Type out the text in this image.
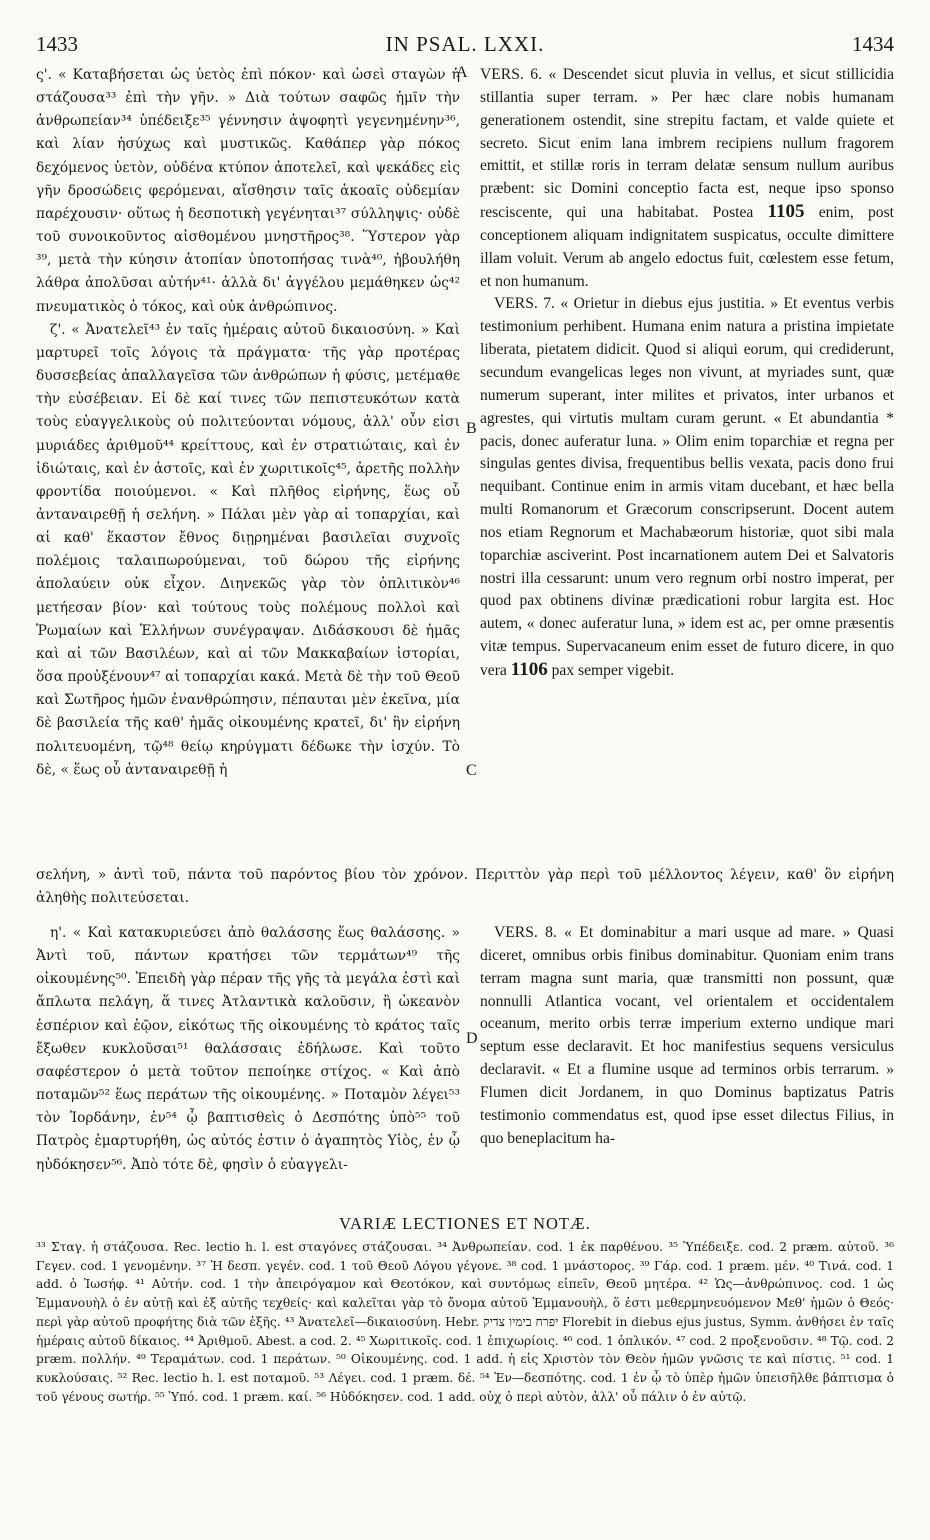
1433	IN PSAL. LXXI.	1434
A
B
C
D

ς'. « Καταβήσεται ὡς ὑετὸς ἐπὶ πόκον· καὶ ὡσεὶ σταγὼν ἡ στάζουσα³³ ἐπὶ τὴν γῆν. » Διὰ τούτων σαφῶς ἡμῖν τὴν ἀνθρωπείαν³⁴ ὑπέδειξε³⁵ γέννησιν ἀψοφητὶ γεγενημένην³⁶, καὶ λίαν ἡσύχως καὶ μυστικῶς. Καθάπερ γὰρ πόκος δεχόμενος ὑετὸν, οὐδένα κτύπον ἀποτελεῖ, καὶ ψεκάδες εἰς γῆν δροσώδεις φερόμεναι, αἴσθησιν ταῖς ἀκοαῖς οὐδεμίαν παρέχουσιν· οὕτως ἡ δεσποτικὴ γεγένηται³⁷ σύλληψις· οὐδὲ τοῦ συνοικοῦντος αἰσθομένου μνηστῆρος³⁸. Ὕστερον γὰρ ³⁹, μετὰ τὴν κύησιν ἀτοπίαν ὑποτοπήσας τινὰ⁴⁰, ἠβουλήθη λάθρα ἀπολῦσαι αὐτήν⁴¹· ἀλλὰ δι' ἀγγέλου μεμάθηκεν ὡς⁴² πνευματικὸς ὁ τόκος, καὶ οὐκ ἀνθρώπινος.

ζ'. « Ἀνατελεῖ⁴³ ἐν ταῖς ἡμέραις αὐτοῦ δικαιοσύνη. » Καὶ μαρτυρεῖ τοῖς λόγοις τὰ πράγματα· τῆς γὰρ προτέρας δυσσεβείας ἀπαλλαγεῖσα τῶν ἀνθρώπων ἡ φύσις, μετέμαθε τὴν εὐσέβειαν. Εἰ δὲ καί τινες τῶν πεπιστευκότων κατὰ τοὺς εὐαγγελικοὺς οὐ πολιτεύονται νόμους, ἀλλ' οὖν εἰσι μυριάδες ἀριθμοῦ⁴⁴ κρείττους, καὶ ἐν στρατιώταις, καὶ ἐν ἰδιώταις, καὶ ἐν ἀστοῖς, καὶ ἐν χωριτικοῖς⁴⁵, ἀρετῆς πολλὴν φροντίδα ποιούμενοι. « Καὶ πλῆθος εἰρήνης, ἕως οὗ ἀνταναιρεθῇ ἡ σελήνη. » Πάλαι μὲν γὰρ αἱ τοπαρχίαι, καὶ αἱ καθ' ἕκαστον ἔθνος διῃρημέναι βασιλεῖαι συχνοῖς πολέμοις ταλαιπωρούμεναι, τοῦ δώρου τῆς εἰρήνης ἀπολαύειν οὐκ εἶχον. Διηνεκῶς γὰρ τὸν ὁπλιτικὸν⁴⁶ μετήεσαν βίον· καὶ τούτους τοὺς πολέμους πολλοὶ καὶ Ῥωμαίων καὶ Ἑλλήνων συνέγραψαν. Διδάσκουσι δὲ ἡμᾶς καὶ αἱ τῶν Βασιλέων, καὶ αἱ τῶν Μακκαβαίων ἱστορίαι, ὅσα προὐξένουν⁴⁷ αἱ τοπαρχίαι κακά. Μετὰ δὲ τὴν τοῦ Θεοῦ καὶ Σωτῆρος ἡμῶν ἐνανθρώπησιν, πέπαυται μὲν ἐκεῖνα, μία δὲ βασιλεία τῆς καθ' ἡμᾶς οἰκουμένης κρατεῖ, δι' ἣν εἰρήνη πολιτευομένη, τῷ⁴⁸ θείῳ κηρύγματι δέδωκε τὴν ἰσχύν. Τὸ δὲ, « ἕως οὗ ἀνταναιρεθῇ ἡ

VERS. 6. « Descendet sicut pluvia in vellus, et sicut stillicidia stillantia super terram. » Per hæc clare nobis humanam generationem ostendit, sine strepitu factam, et valde quiete et secreto. Sicut enim lana imbrem recipiens nullum fragorem emittit, et stillæ roris in terram delatæ sensum nullum auribus præbent: sic Domini conceptio facta est, neque ipso sponso resciscente, qui una habitabat. Postea 1105 enim, post conceptionem aliquam indignitatem suspicatus, occulte dimittere illam voluit. Verum ab angelo edoctus fuit, cœlestem esse fetum, et non humanum.

VERS. 7. « Orietur in diebus ejus justitia. » Et eventus verbis testimonium perhibent. Humana enim natura a pristina impietate liberata, pietatem didicit. Quod si aliqui eorum, qui crediderunt, secundum evangelicas leges non vivunt, at myriades sunt, quæ numerum superant, inter milites et privatos, inter urbanos et agrestes, qui virtutis multam curam gerunt. « Et abundantia * pacis, donec auferatur luna. » Olim enim toparchiæ et regna per singulas gentes divisa, frequentibus bellis vexata, pacis dono frui nequibant. Continue enim in armis vitam ducebant, et hæc bella multi Romanorum et Græcorum conscripserunt. Docent autem nos etiam Regnorum et Machabæorum historiæ, quot sibi mala toparchiæ asciverint. Post incarnationem autem Dei et Salvatoris nostri illa cessarunt: unum vero regnum orbi nostro imperat, per quod pax obtinens divinæ prædicationi robur largita est. Hoc autem, « donec auferatur luna, » idem est ac, per omne præsentis vitæ tempus. Supervacaneum enim esset de futuro dicere, in quo vera 1106 pax semper vigebit.

σελήνη, » ἀντὶ τοῦ, πάντα τοῦ παρόντος βίου τὸν χρόνον. Περιττὸν γὰρ περὶ τοῦ μέλλοντος λέγειν, καθ' ὃν εἰρήνη ἀληθὴς πολιτεύσεται.

η'. « Καὶ κατακυριεύσει ἀπὸ θαλάσσης ἕως θαλάσσης. » Ἀντὶ τοῦ, πάντων κρατήσει τῶν τερμάτων⁴⁹ τῆς οἰκουμένης⁵⁰. Ἐπειδὴ γὰρ πέραν τῆς γῆς τὰ μεγάλα ἐστὶ καὶ ἄπλωτα πελάγη, ἅ τινες Ἀτλαντικὰ καλοῦσιν, ἢ ὠκεανὸν ἑσπέριον καὶ ἑῷον, εἰκότως τῆς οἰκουμένης τὸ κράτος ταῖς ἔξωθεν κυκλοῦσαι⁵¹ θαλάσσαις ἐδήλωσε. Καὶ τοῦτο σαφέστερον ὁ μετὰ τοῦτον πεποίηκε στίχος. « Καὶ ἀπὸ ποταμῶν⁵² ἕως περάτων τῆς οἰκουμένης. » Ποταμὸν λέγει⁵³ τὸν Ἰορδάνην, ἐν⁵⁴ ᾧ βαπτισθεὶς ὁ Δεσπότης ὑπὸ⁵⁵ τοῦ Πατρὸς ἐμαρτυρήθη, ὡς αὐτός ἐστιν ὁ ἀγαπητὸς Υἱὸς, ἐν ᾧ ηὐδόκησεν⁵⁶. Ἀπὸ τότε δὲ, φησὶν ὁ εὐαγγελι-

VERS. 8. « Et dominabitur a mari usque ad mare. » Quasi diceret, omnibus orbis finibus dominabitur. Quoniam enim trans terram magna sunt maria, quæ transmitti non possunt, quæ nonnulli Atlantica vocant, vel orientalem et occidentalem oceanum, merito orbis terræ imperium externo undique mari septum esse declaravit. Et hoc manifestius sequens versiculus declaravit. « Et a flumine usque ad terminos orbis terrarum. » Flumen dicit Jordanem, in quo Dominus baptizatus Patris testimonio commendatus est, quod ipse esset dilectus Filius, in quo beneplacitum ha-

VARIÆ LECTIONES ET NOTÆ.

³³ Σταγ. ἡ στάζουσα. Rec. lectio h. l. est σταγόνες στάζουσαι. ³⁴ Ἀνθρωπείαν. cod. 1 ἐκ παρθένου. ³⁵ Ὑπέδειξε. cod. 2 præm. αὐτοῦ. ³⁶ Γεγεν. cod. 1 γενομένην. ³⁷ Ἡ δεσπ. γεγέν. cod. 1 τοῦ Θεοῦ Λόγου γέγονε. ³⁸ cod. 1 μνάστορος. ³⁹ Γάρ. cod. 1 præm. μέν. ⁴⁰ Τινά. cod. 1 add. ὁ Ἰωσήφ. ⁴¹ Αὐτήν. cod. 1 τὴν ἀπειρόγαμον καὶ Θεοτόκον, καὶ συντόμως εἰπεῖν, Θεοῦ μητέρα. ⁴² Ὡς—ἀνθρώπινος. cod. 1 ὡς Ἐμμανουὴλ ὁ ἐν αὐτῇ καὶ ἐξ αὐτῆς τεχθείς· καὶ καλεῖται γὰρ τὸ ὄνομα αὐτοῦ Ἐμμανουὴλ, ὅ ἐστι μεθερμηνευόμενον Μεθ' ἡμῶν ὁ Θεός· περὶ γὰρ αὐτοῦ προφήτης διὰ τῶν ἑξῆς. ⁴³ Ἀνατελεῖ—δικαιοσύνη. Hebr. יפרח בימיו צדיק Florebit in diebus ejus justus, Symm. ἀνθήσει ἐν ταῖς ἡμέραις αὐτοῦ δίκαιος. ⁴⁴ Ἀριθμοῦ. Abest. a cod. 2. ⁴⁵ Χωριτικοῖς. cod. 1 ἐπιχωρίοις. ⁴⁶ cod. 1 ὁπλικόν. ⁴⁷ cod. 2 προξενοῦσιν. ⁴⁸ Τῷ. cod. 2 præm. πολλήν. ⁴⁹ Τεραμάτων. cod. 1 περάτων. ⁵⁰ Οἰκουμένης. cod. 1 add. ἡ εἰς Χριστὸν τὸν Θεὸν ἡμῶν γνῶσις τε καὶ πίστις. ⁵¹ cod. 1 κυκλούσαις. ⁵² Rec. lectio h. l. est ποταμοῦ. ⁵³ Λέγει. cod. 1 præm. δέ. ⁵⁴ Ἐν—δεσπότης. cod. 1 ἐν ᾧ τὸ ὑπὲρ ἡμῶν ὑπεισῆλθε βάπτισμα ὁ τοῦ γένους σωτήρ. ⁵⁵ Ὑπό. cod. 1 præm. καί. ⁵⁶ Ηὐδόκησεν. cod. 1 add. οὐχ ὁ περὶ αὐτὸν, ἀλλ' οὗ πάλιν ὁ ἐν αὐτῷ.
